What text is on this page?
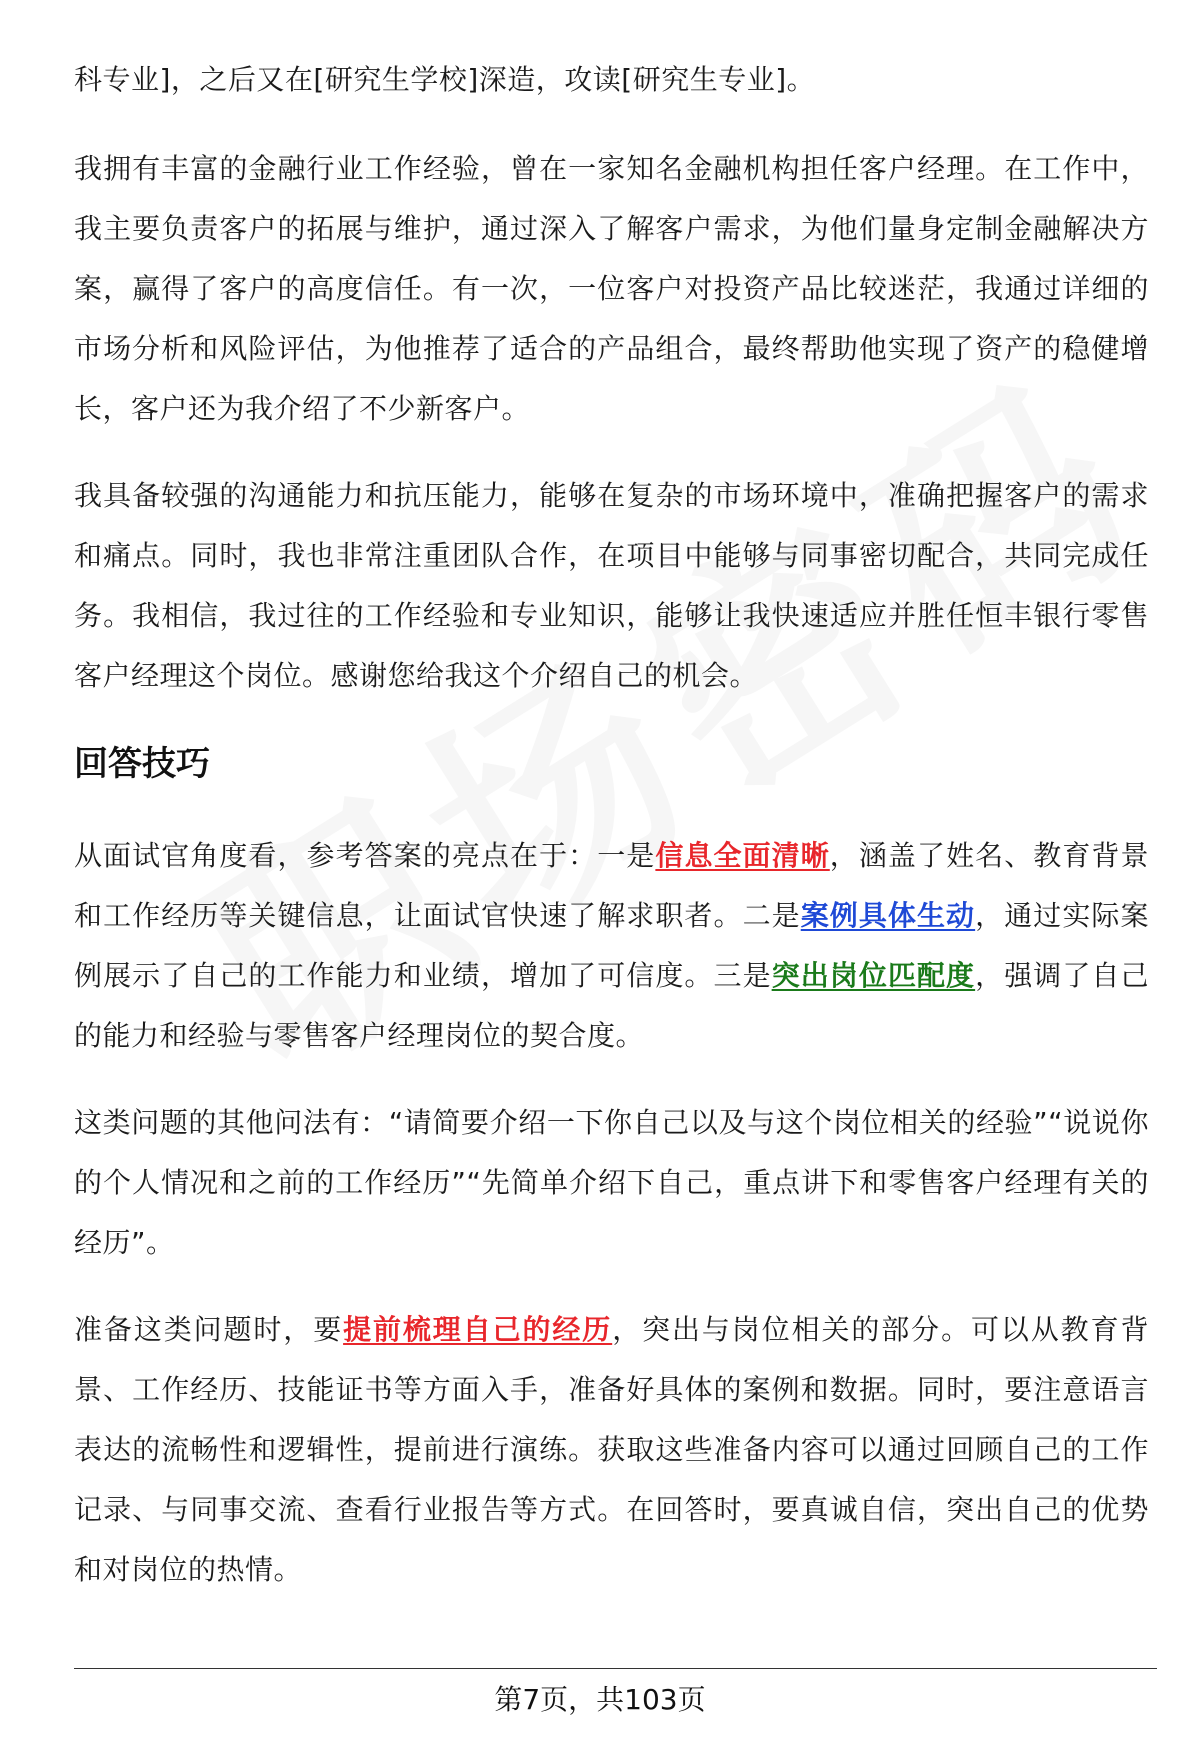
科专业]，之后又在[研究生学校]深造，攻读[研究生专业]。

我拥有丰富的金融行业工作经验，曾在一家知名金融机构担任客户经理。在工作中，我主要负责客户的拓展与维护，通过深入了解客户需求，为他们量身定制金融解决方案，赢得了客户的高度信任。有一次，一位客户对投资产品比较迷茫，我通过详细的市场分析和风险评估，为他推荐了适合的产品组合，最终帮助他实现了资产的稳健增长，客户还为我介绍了不少新客户。

我具备较强的沟通能力和抗压能力，能够在复杂的市场环境中，准确把握客户的需求和痛点。同时，我也非常注重团队合作，在项目中能够与同事密切配合，共同完成任务。我相信，我过往的工作经验和专业知识，能够让我快速适应并胜任恒丰银行零售客户经理这个岗位。感谢您给我这个介绍自己的机会。

回答技巧

从面试官角度看，参考答案的亮点在于：一是信息全面清晰，涵盖了姓名、教育背景和工作经历等关键信息，让面试官快速了解求职者。二是案例具体生动，通过实际案例展示了自己的工作能力和业绩，增加了可信度。三是突出岗位匹配度，强调了自己的能力和经验与零售客户经理岗位的契合度。

这类问题的其他问法有：“请简要介绍一下你自己以及与这个岗位相关的经验”“说说你的个人情况和之前的工作经历”“先简单介绍下自己，重点讲下和零售客户经理有关的经历”。

准备这类问题时，要提前梳理自己的经历，突出与岗位相关的部分。可以从教育背景、工作经历、技能证书等方面入手，准备好具体的案例和数据。同时，要注意语言表达的流畅性和逻辑性，提前进行演练。获取这些准备内容可以通过回顾自己的工作记录、与同事交流、查看行业报告等方式。在回答时，要真诚自信，突出自己的优势和对岗位的热情。

第7页，共103页
